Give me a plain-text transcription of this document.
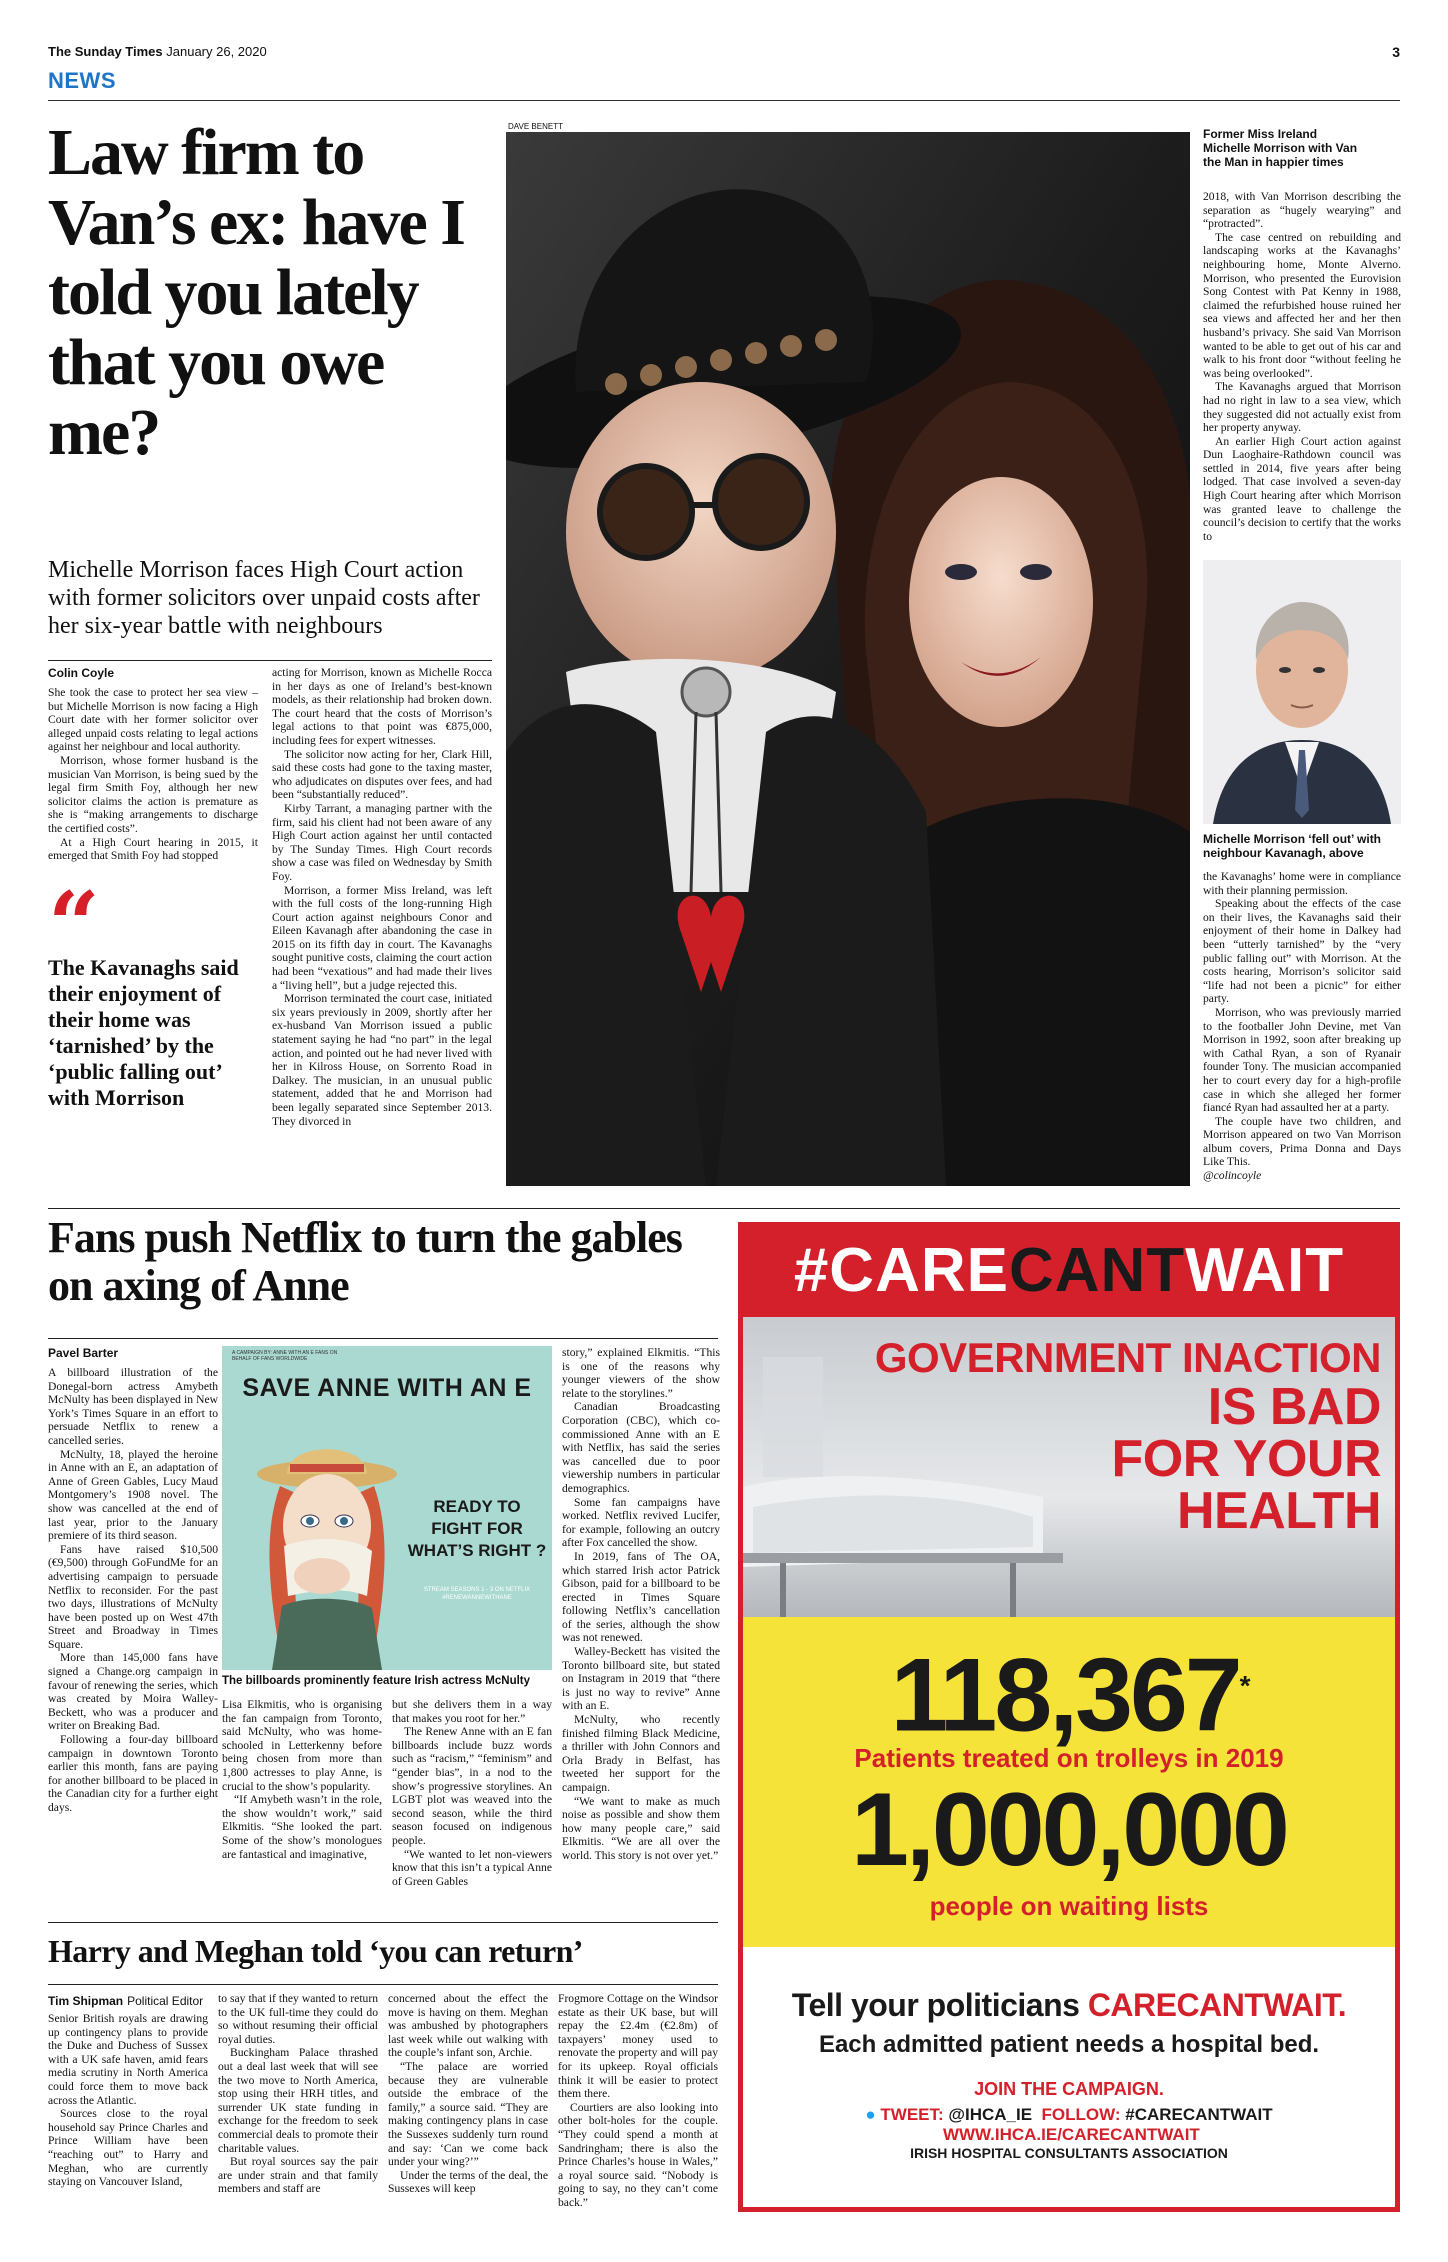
The Sunday Times January 26, 2020	3
NEWS
Law firm to Van’s ex: have I told you lately that you owe me?
Michelle Morrison faces High Court action with former solicitors over unpaid costs after her six-year battle with neighbours
Colin Coyle

She took the case to protect her sea view – but Michelle Morrison is now facing a High Court date with her former solicitor over alleged unpaid costs relating to legal actions against her neighbour and local authority.

Morrison, whose former husband is the musician Van Morrison, is being sued by the legal firm Smith Foy, although her new solicitor claims the action is premature as she is “making arrangements to discharge the certified costs”.

At a High Court hearing in 2015, it emerged that Smith Foy had stopped

“
The Kavanaghs said their enjoyment of their home was ‘tarnished’ by the ‘public falling out’ with Morrison

acting for Morrison, known as Michelle Rocca in her days as one of Ireland’s best-known models, as their relationship had broken down. The court heard that the costs of Morrison’s legal actions to that point was €875,000, including fees for expert witnesses.

The solicitor now acting for her, Clark Hill, said these costs had gone to the taxing master, who adjudicates on disputes over fees, and had been “substantially reduced”.

Kirby Tarrant, a managing partner with the firm, said his client had not been aware of any High Court action against her until contacted by The Sunday Times. High Court records show a case was filed on Wednesday by Smith Foy.

Morrison, a former Miss Ireland, was left with the full costs of the long-running High Court action against neighbours Conor and Eileen Kavanagh after abandoning the case in 2015 on its fifth day in court. The Kavanaghs sought punitive costs, claiming the court action had been “vexatious” and had made their lives a “living hell”, but a judge rejected this.

Morrison terminated the court case, initiated six years previously in 2009, shortly after her ex-husband Van Morrison issued a public statement saying he had “no part” in the legal action, and pointed out he had never lived with her in Kilross House, on Sorrento Road in Dalkey. The musician, in an unusual public statement, added that he and Morrison had been legally separated since September 2013. They divorced in

DAVE BENETT
Former Miss Ireland Michelle Morrison with Van the Man in happier times

2018, with Van Morrison describing the separation as “hugely wearying” and “protracted”.

The case centred on rebuilding and landscaping works at the Kavanaghs’ neighbouring home, Monte Alverno. Morrison, who presented the Eurovision Song Contest with Pat Kenny in 1988, claimed the refurbished house ruined her sea views and affected her and her then husband’s privacy. She said Van Morrison wanted to be able to get out of his car and walk to his front door “without feeling he was being overlooked”.

The Kavanaghs argued that Morrison had no right in law to a sea view, which they suggested did not actually exist from her property anyway.

An earlier High Court action against Dun Laoghaire-Rathdown council was settled in 2014, five years after being lodged. That case involved a seven-day High Court hearing after which Morrison was granted leave to challenge the council’s decision to certify that the works to

Michelle Morrison ‘fell out’ with neighbour Kavanagh, above

the Kavanaghs’ home were in compliance with their planning permission.

Speaking about the effects of the case on their lives, the Kavanaghs said their enjoyment of their home in Dalkey had been “utterly tarnished” by the “very public falling out” with Morrison. At the costs hearing, Morrison’s solicitor said “life had not been a picnic” for either party.

Morrison, who was previously married to the footballer John Devine, met Van Morrison in 1992, soon after breaking up with Cathal Ryan, a son of Ryanair founder Tony. The musician accompanied her to court every day for a high-profile case in which she alleged her former fiancé Ryan had assaulted her at a party.

The couple have two children, and Morrison appeared on two Van Morrison album covers, Prima Donna and Days Like This.

@colincoyle
Fans push Netflix to turn the gables on axing of Anne
Pavel Barter

A billboard illustration of the Donegal-born actress Amybeth McNulty has been displayed in New York’s Times Square in an effort to persuade Netflix to renew a cancelled series.

McNulty, 18, played the heroine in Anne with an E, an adaptation of Anne of Green Gables, Lucy Maud Montgomery’s 1908 novel. The show was cancelled at the end of last year, prior to the January premiere of its third season.

Fans have raised $10,500 (€9,500) through GoFundMe for an advertising campaign to persuade Netflix to reconsider. For the past two days, illustrations of McNulty have been posted up on West 47th Street and Broadway in Times Square.

More than 145,000 fans have signed a Change.org campaign in favour of renewing the series, which was created by Moira Walley-Beckett, who was a producer and writer on Breaking Bad.

Following a four-day billboard campaign in downtown Toronto earlier this month, fans are paying for another billboard to be placed in the Canadian city for a further eight days.

A CAMPAIGN BY: ANNE WITH AN E FANS ON BEHALF OF FANS WORLDWIDE
SAVE ANNE WITH AN E
READY TO FIGHT FOR WHAT’S RIGHT ?
STREAM SEASONS 1 - 3 ON NETFLIX #RENEWANNEWITHANE
The billboards prominently feature Irish actress McNulty

Lisa Elkmitis, who is organising the fan campaign from Toronto, said McNulty, who was home-schooled in Letterkenny before being chosen from more than 1,800 actresses to play Anne, is crucial to the show’s popularity.

“If Amybeth wasn’t in the role, the show wouldn’t work,” said Elkmitis. “She looked the part. Some of the show’s monologues are fantastical and imaginative,

but she delivers them in a way that makes you root for her.”

The Renew Anne with an E fan billboards include buzz words such as “racism,” “feminism” and “gender bias”, in a nod to the show’s progressive storylines. An LGBT plot was weaved into the second season, while the third season focused on indigenous people.

“We wanted to let non-viewers know that this isn’t a typical Anne of Green Gables

story,” explained Elkmitis. “This is one of the reasons why younger viewers of the show relate to the storylines.”

Canadian Broadcasting Corporation (CBC), which co-commissioned Anne with an E with Netflix, has said the series was cancelled due to poor viewership numbers in particular demographics.

Some fan campaigns have worked. Netflix revived Lucifer, for example, following an outcry after Fox cancelled the show.

In 2019, fans of The OA, which starred Irish actor Patrick Gibson, paid for a billboard to be erected in Times Square following Netflix’s cancellation of the series, although the show was not renewed.

Walley-Beckett has visited the Toronto billboard site, but stated on Instagram in 2019 that “there is just no way to revive” Anne with an E.

McNulty, who recently finished filming Black Medicine, a thriller with John Connors and Orla Brady in Belfast, has tweeted her support for the campaign.

“We want to make as much noise as possible and show them how many people care,” said Elkmitis. “We are all over the world. This story is not over yet.”

Harry and Meghan told ‘you can return’
Tim Shipman Political Editor

Senior British royals are drawing up contingency plans to provide the Duke and Duchess of Sussex with a UK safe haven, amid fears media scrutiny in North America could force them to move back across the Atlantic.

Sources close to the royal household say Prince Charles and Prince William have been “reaching out” to Harry and Meghan, who are currently staying on Vancouver Island,

to say that if they wanted to return to the UK full-time they could do so without resuming their official royal duties.

Buckingham Palace thrashed out a deal last week that will see the two move to North America, stop using their HRH titles, and surrender UK state funding in exchange for the freedom to seek commercial deals to promote their charitable values.

But royal sources say the pair are under strain and that family members and staff are

concerned about the effect the move is having on them. Meghan was ambushed by photographers last week while out walking with the couple’s infant son, Archie.

“The palace are worried because they are vulnerable outside the embrace of the family,” a source said. “They are making contingency plans in case the Sussexes suddenly turn round and say: ‘Can we come back under your wing?’”

Under the terms of the deal, the Sussexes will keep

Frogmore Cottage on the Windsor estate as their UK base, but will repay the £2.4m (€2.8m) of taxpayers’ money used to renovate the property and will pay for its upkeep. Royal officials think it will be easier to protect them there.

Courtiers are also looking into other bolt-holes for the couple. “They could spend a month at Sandringham; there is also the Prince Charles’s house in Wales,” a royal source said. “Nobody is going to say, no they can’t come back.”

#CARECANTWAIT
GOVERNMENT INACTION
IS BAD
FOR YOUR
HEALTH
118,367*
Patients treated on trolleys in 2019
1,000,000
people on waiting lists
Tell your politicians CARECANTWAIT.
Each admitted patient needs a hospital bed.
JOIN THE CAMPAIGN.
● TWEET: @IHCA_IE FOLLOW: #CARECANTWAIT  WWW.IHCA.IE/CARECANTWAIT
IRISH HOSPITAL CONSULTANTS ASSOCIATION
